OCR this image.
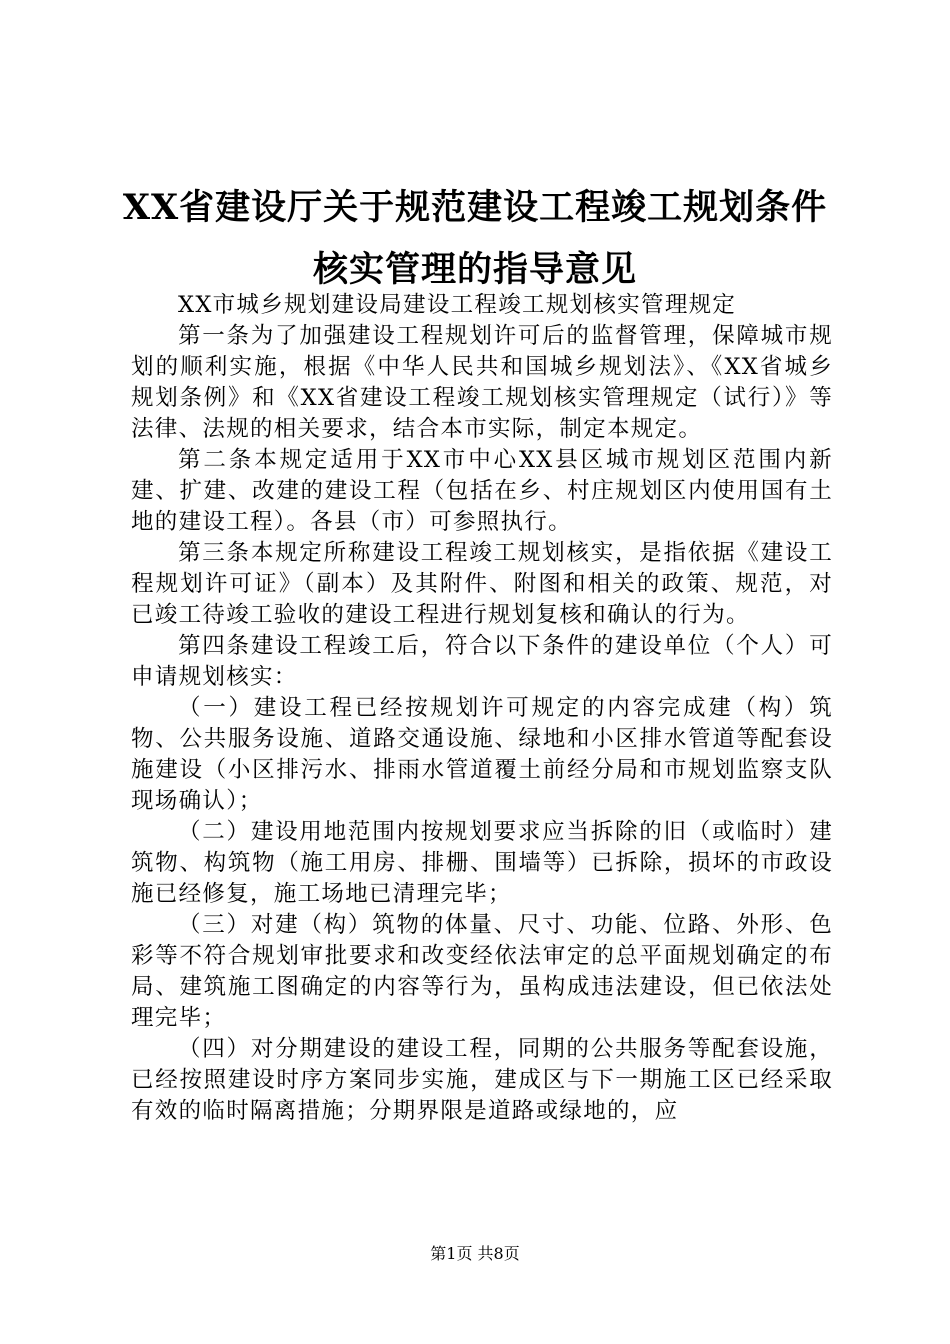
XX省建设厅关于规范建设工程竣工规划条件
核实管理的指导意见

XX市城乡规划建设局建设工程竣工规划核实管理规定

第一条为了加强建设工程规划许可后的监督管理，保障城市规划的顺利实施，根据《中华人民共和国城乡规划法》、《XX省城乡规划条例》和《XX省建设工程竣工规划核实管理规定（试行）》等法律、法规的相关要求，结合本市实际，制定本规定。

第二条本规定适用于XX市中心XX县区城市规划区范围内新建、扩建、改建的建设工程（包括在乡、村庄规划区内使用国有土地的建设工程）。各县（市）可参照执行。

第三条本规定所称建设工程竣工规划核实，是指依据《建设工程规划许可证》（副本）及其附件、附图和相关的政策、规范，对已竣工待竣工验收的建设工程进行规划复核和确认的行为。

第四条建设工程竣工后，符合以下条件的建设单位（个人）可申请规划核实：

（一）建设工程已经按规划许可规定的内容完成建（构）筑物、公共服务设施、道路交通设施、绿地和小区排水管道等配套设施建设（小区排污水、排雨水管道覆土前经分局和市规划监察支队现场确认）；

（二）建设用地范围内按规划要求应当拆除的旧（或临时）建筑物、构筑物（施工用房、排栅、围墙等）已拆除，损坏的市政设施已经修复，施工场地已清理完毕；

（三）对建（构）筑物的体量、尺寸、功能、位路、外形、色彩等不符合规划审批要求和改变经依法审定的总平面规划确定的布局、建筑施工图确定的内容等行为，虽构成违法建设，但已依法处理完毕；

（四）对分期建设的建设工程，同期的公共服务等配套设施，已经按照建设时序方案同步实施，建成区与下一期施工区已经采取有效的临时隔离措施；分期界限是道路或绿地的，应

第1页 共8页
